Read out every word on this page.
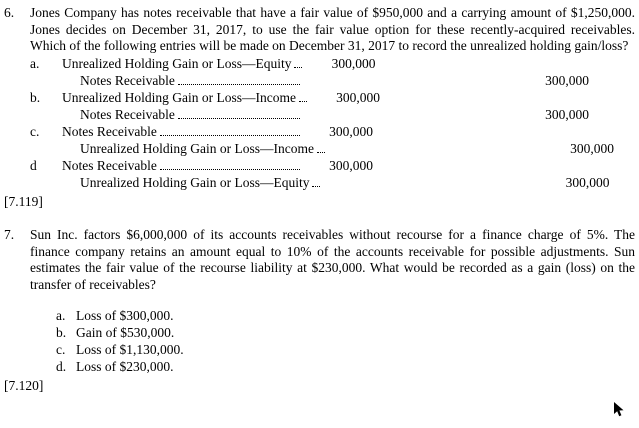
6.	Jones Company has notes receivable that have a fair value of $950,000 and a carrying amount of $1,250,000. Jones decides on December 31, 2017, to use the fair value option for these recently-acquired receivables. Which of the following entries will be made on December 31, 2017 to record the unrealized holding gain/loss?
a.	Unrealized Holding Gain or Loss—Equity	300,000
Notes Receivable	300,000
b.	Unrealized Holding Gain or Loss—Income	300,000
Notes Receivable	300,000
c.	Notes Receivable	300,000
Unrealized Holding Gain or Loss—Income	300,000
d	Notes Receivable	300,000
Unrealized Holding Gain or Loss—Equity	300,000
[7.119]
7.	Sun Inc. factors $6,000,000 of its accounts receivables without recourse for a finance charge of 5%. The finance company retains an amount equal to 10% of the accounts receivable for possible adjustments. Sun estimates the fair value of the recourse liability at $230,000. What would be recorded as a gain (loss) on the transfer of receivables?
a. Loss of $300,000.
b. Gain of $530,000.
c. Loss of $1,130,000.
d. Loss of $230,000.
[7.120]
